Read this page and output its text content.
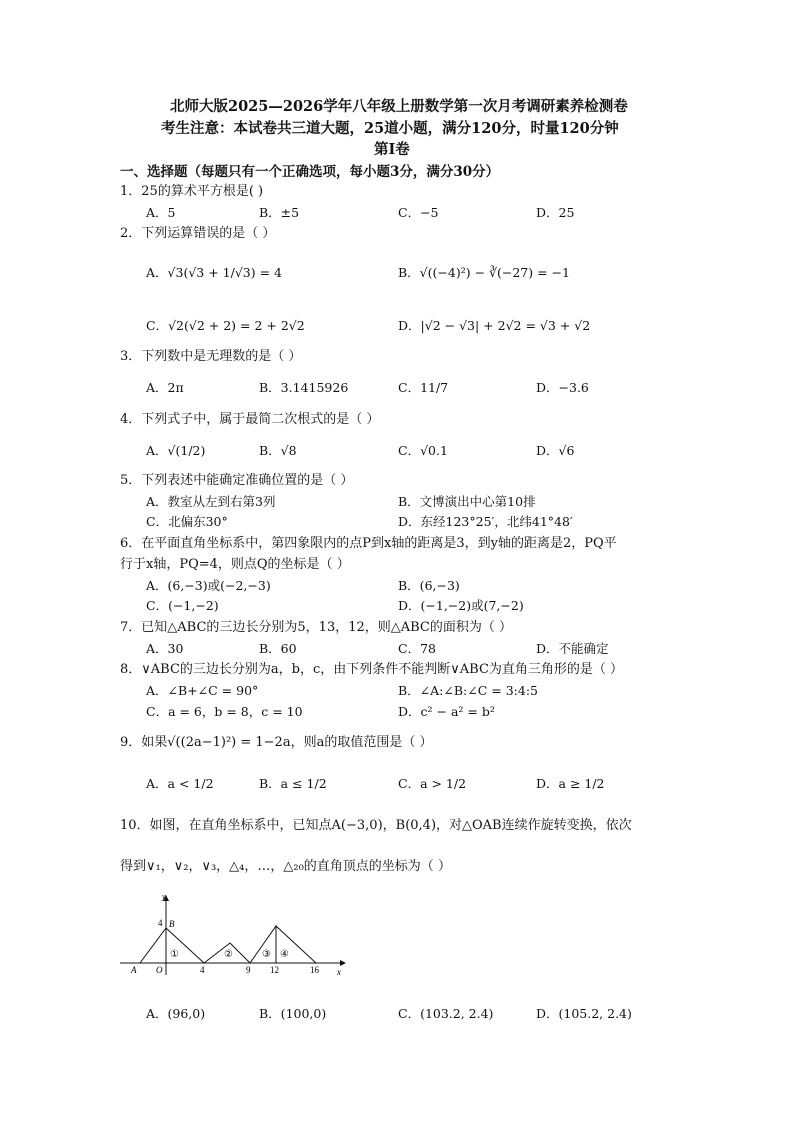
北师大版2025—2026学年八年级上册数学第一次月考调研素养检测卷
考生注意：本试卷共三道大题，25道小题，满分120分，时量120分钟
第Ⅰ卷
一、选择题（每题只有一个正确选项，每小题3分，满分30分）
1．25的算术平方根是( )
A．5	B．±5	C．−5	D．25
2．下列运算错误的是（ ）
A．√3(√3 + 1/√3) = 4	B．√((−4)²) − ∛(−27) = −1
C．√2(√2 + 2) = 2 + 2√2	D．|√2 − √3| + 2√2 = √3 + √2
3．下列数中是无理数的是（ ）
A．2π	B．3.1415926	C．11/7	D．−3.6
4．下列式子中，属于最简二次根式的是（ ）
A．√(1/2)	B．√8	C．√0.1	D．√6
5．下列表述中能确定准确位置的是（ ）
A．教室从左到右第3列	B．文博演出中心第10排
C．北偏东30°	D．东经123°25′，北纬41°48′
6．在平面直角坐标系中，第四象限内的点P到x轴的距离是3，到y轴的距离是2，PQ平
行于x轴，PQ=4，则点Q的坐标是（ ）
A．(6,−3)或(−2,−3)	B．(6,−3)
C．(−1,−2)	D．(−1,−2)或(7,−2)
7．已知△ABC的三边长分别为5，13，12，则△ABC的面积为（ ）
A．30	B．60	C．78	D．不能确定
8．∨ABC的三边长分别为a，b，c，由下列条件不能判断∨ABC为直角三角形的是（ ）
A．∠B+∠C = 90°	B．∠A:∠B:∠C = 3:4:5
C．a = 6，b = 8，c = 10	D．c² − a² = b²
9．如果√((2a−1)²) = 1−2a，则a的取值范围是（ ）
A．a < 1/2	B．a ≤ 1/2	C．a > 1/2	D．a ≥ 1/2
10．如图，在直角坐标系中，已知点A(−3,0)，B(0,4)，对△OAB连续作旋转变换，依次
得到∨₁，∨₂，∨₃，△₄，…，△₂₀的直角顶点的坐标为（ ）
y
x
A O
4 B
4	9 12	16
①	②	③ ④
A．(96,0)	B．(100,0)	C．(103.2, 2.4)	D．(105.2, 2.4)
